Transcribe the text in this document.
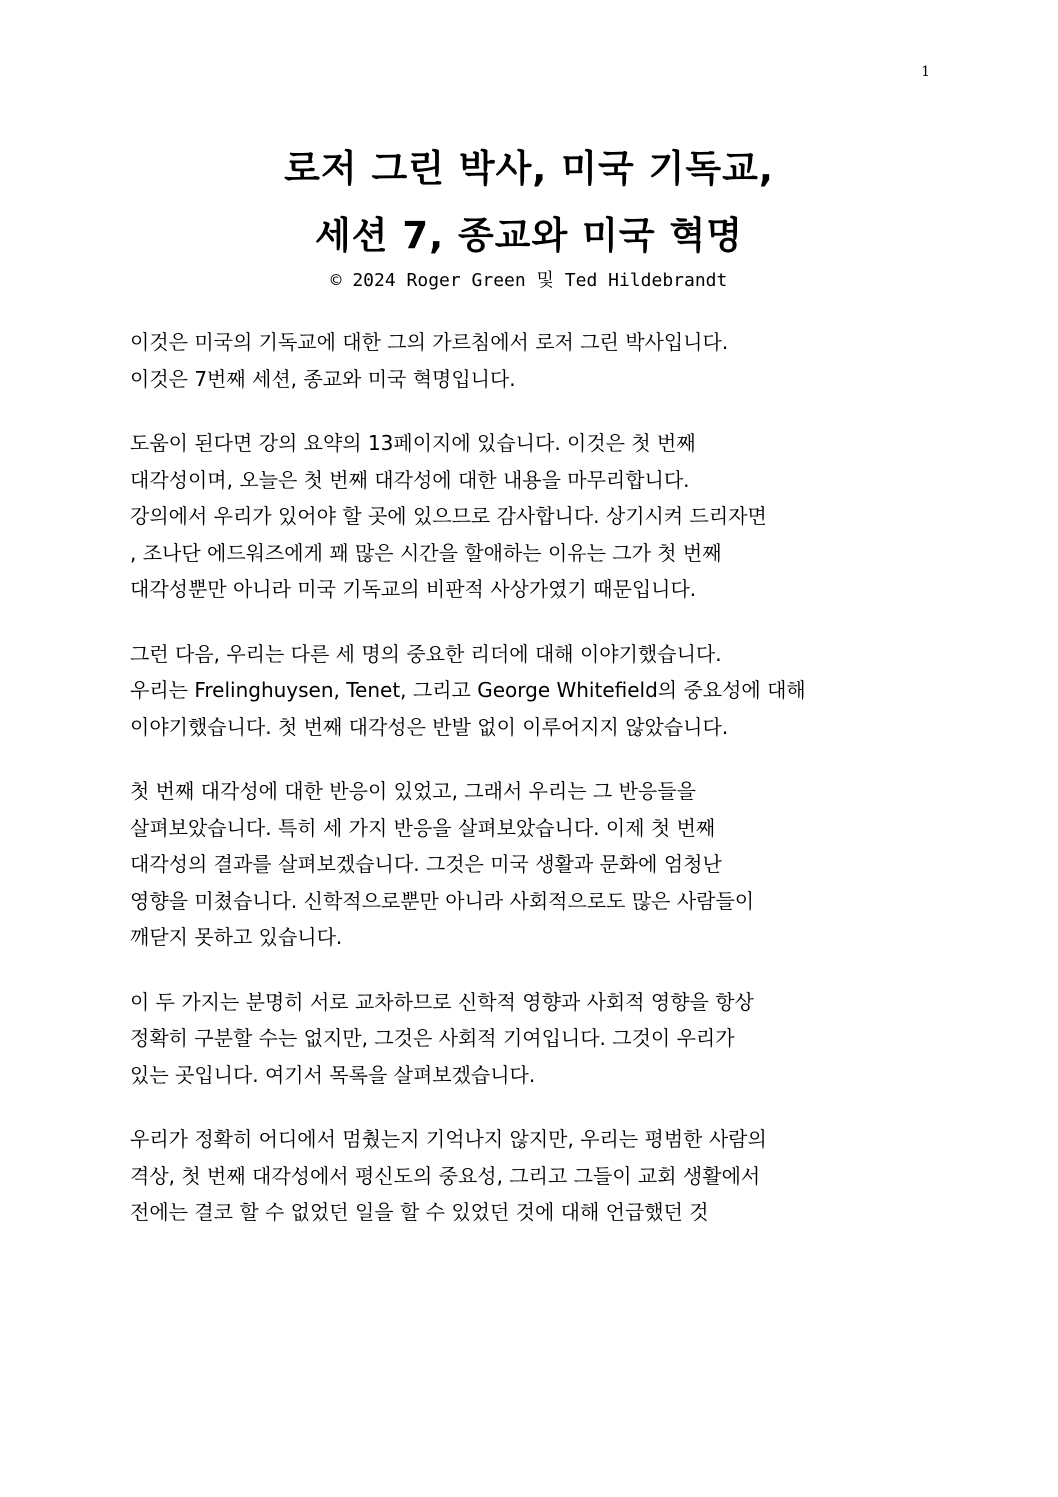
1
로저 그린 박사, 미국 기독교,
세션 7, 종교와 미국 혁명
© 2024 Roger Green 및 Ted Hildebrandt
이것은 미국의 기독교에 대한 그의 가르침에서 로저 그린 박사입니다.
이것은 7번째 세션, 종교와 미국 혁명입니다.
도움이 된다면 강의 요약의 13페이지에 있습니다. 이것은 첫 번째
대각성이며, 오늘은 첫 번째 대각성에 대한 내용을 마무리합니다.
강의에서 우리가 있어야 할 곳에 있으므로 감사합니다. 상기시켜 드리자면
, 조나단 에드워즈에게 꽤 많은 시간을 할애하는 이유는 그가 첫 번째
대각성뿐만 아니라 미국 기독교의 비판적 사상가였기 때문입니다.
그런 다음, 우리는 다른 세 명의 중요한 리더에 대해 이야기했습니다.
우리는 Frelinghuysen, Tenet, 그리고 George Whitefield의 중요성에 대해
이야기했습니다. 첫 번째 대각성은 반발 없이 이루어지지 않았습니다.
첫 번째 대각성에 대한 반응이 있었고, 그래서 우리는 그 반응들을
살펴보았습니다. 특히 세 가지 반응을 살펴보았습니다. 이제 첫 번째
대각성의 결과를 살펴보겠습니다. 그것은 미국 생활과 문화에 엄청난
영향을 미쳤습니다. 신학적으로뿐만 아니라 사회적으로도 많은 사람들이
깨닫지 못하고 있습니다.
이 두 가지는 분명히 서로 교차하므로 신학적 영향과 사회적 영향을 항상
정확히 구분할 수는 없지만, 그것은 사회적 기여입니다. 그것이 우리가
있는 곳입니다. 여기서 목록을 살펴보겠습니다.
우리가 정확히 어디에서 멈췄는지 기억나지 않지만, 우리는 평범한 사람의
격상, 첫 번째 대각성에서 평신도의 중요성, 그리고 그들이 교회 생활에서
전에는 결코 할 수 없었던 일을 할 수 있었던 것에 대해 언급했던 것
